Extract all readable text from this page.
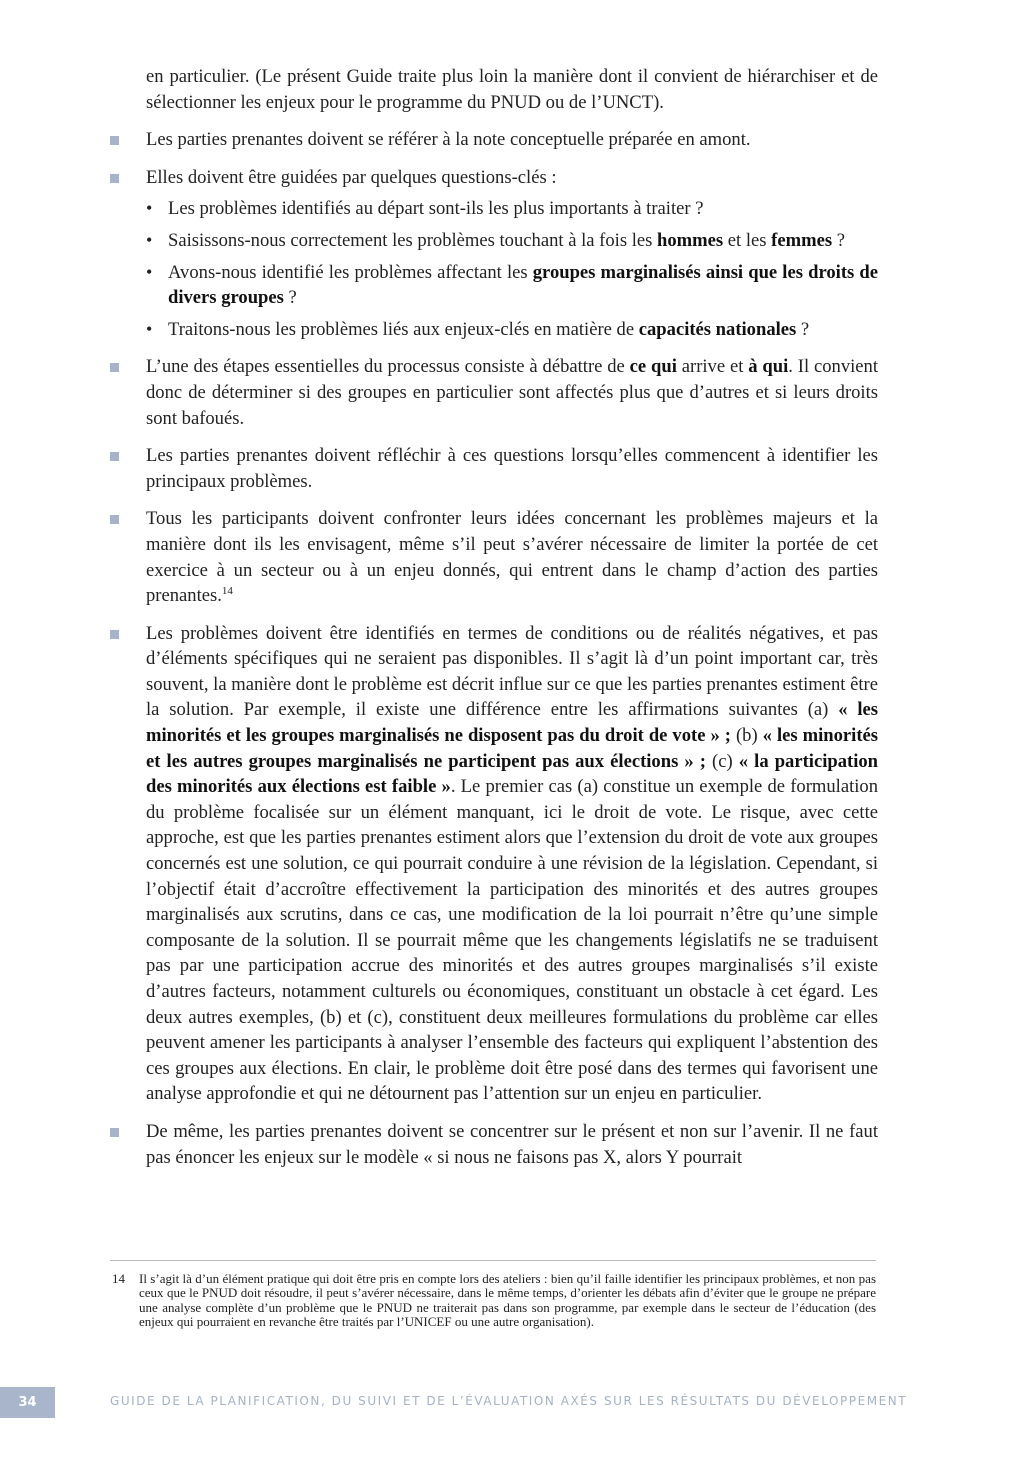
en particulier. (Le présent Guide traite plus loin la manière dont il convient de hiérarchiser et de sélectionner les enjeux pour le programme du PNUD ou de l’UNCT).

Les parties prenantes doivent se référer à la note conceptuelle préparée en amont.
Elles doivent être guidées par quelques questions-clés :
• Les problèmes identifiés au départ sont-ils les plus importants à traiter ?
• Saisissons-nous correctement les problèmes touchant à la fois les hommes et les femmes ?
• Avons-nous identifié les problèmes affectant les groupes marginalisés ainsi que les droits de divers groupes ?
• Traitons-nous les problèmes liés aux enjeux-clés en matière de capacités nationales ?
L’une des étapes essentielles du processus consiste à débattre de ce qui arrive et à qui. Il convient donc de déterminer si des groupes en particulier sont affectés plus que d’autres et si leurs droits sont bafoués.
Les parties prenantes doivent réfléchir à ces questions lorsqu’elles commencent à identifier les principaux problèmes.
Tous les participants doivent confronter leurs idées concernant les problèmes majeurs et la manière dont ils les envisagent, même s’il peut s’avérer nécessaire de limiter la portée de cet exercice à un secteur ou à un enjeu donnés, qui entrent dans le champ d’action des parties prenantes.$^{14}$
Les problèmes doivent être identifiés en termes de conditions ou de réalités négatives, et pas d’éléments spécifiques qui ne seraient pas disponibles. Il s’agit là d’un point important car, très souvent, la manière dont le problème est décrit influe sur ce que les parties prenantes estiment être la solution. Par exemple, il existe une différence entre les affirmations suivantes (a) « les minorités et les groupes marginalisés ne disposent pas du droit de vote » ; (b) « les minorités et les autres groupes marginalisés ne participent pas aux élections » ; (c) « la participation des minorités aux élections est faible ». Le premier cas (a) constitue un exemple de formulation du problème focalisée sur un élément manquant, ici le droit de vote. Le risque, avec cette approche, est que les parties prenantes estiment alors que l’extension du droit de vote aux groupes concernés est une solution, ce qui pourrait conduire à une révision de la législation. Cependant, si l’objectif était d’accroître effectivement la participation des minorités et des autres groupes marginalisés aux scrutins, dans ce cas, une modification de la loi pourrait n’être qu’une simple composante de la solution. Il se pourrait même que les changements législatifs ne se traduisent pas par une participation accrue des minorités et des autres groupes marginalisés s’il existe d’autres facteurs, notamment culturels ou économiques, constituant un obstacle à cet égard. Les deux autres exemples, (b) et (c), constituent deux meilleures formulations du problème car elles peuvent amener les participants à analyser l’ensemble des facteurs qui expliquent l’abstention des ces groupes aux élections. En clair, le problème doit être posé dans des termes qui favorisent une analyse approfondie et qui ne détournent pas l’attention sur un enjeu en particulier.
De même, les parties prenantes doivent se concentrer sur le présent et non sur l’avenir. Il ne faut pas énoncer les enjeux sur le modèle « si nous ne faisons pas X, alors Y pourrait
14 Il s’agit là d’un élément pratique qui doit être pris en compte lors des ateliers : bien qu’il faille identifier les principaux problèmes, et non pas ceux que le PNUD doit résoudre, il peut s’avérer nécessaire, dans le même temps, d’orienter les débats afin d’éviter que le groupe ne prépare une analyse complète d’un problème que le PNUD ne traiterait pas dans son programme, par exemple dans le secteur de l’éducation (des enjeux qui pourraient en revanche être traités par l’UNICEF ou une autre organisation).
34	GUIDE DE LA PLANIFICATION, DU SUIVI ET DE L’ÉVALUATION AXÉS SUR LES RÉSULTATS DU DÉVELOPPEMENT
